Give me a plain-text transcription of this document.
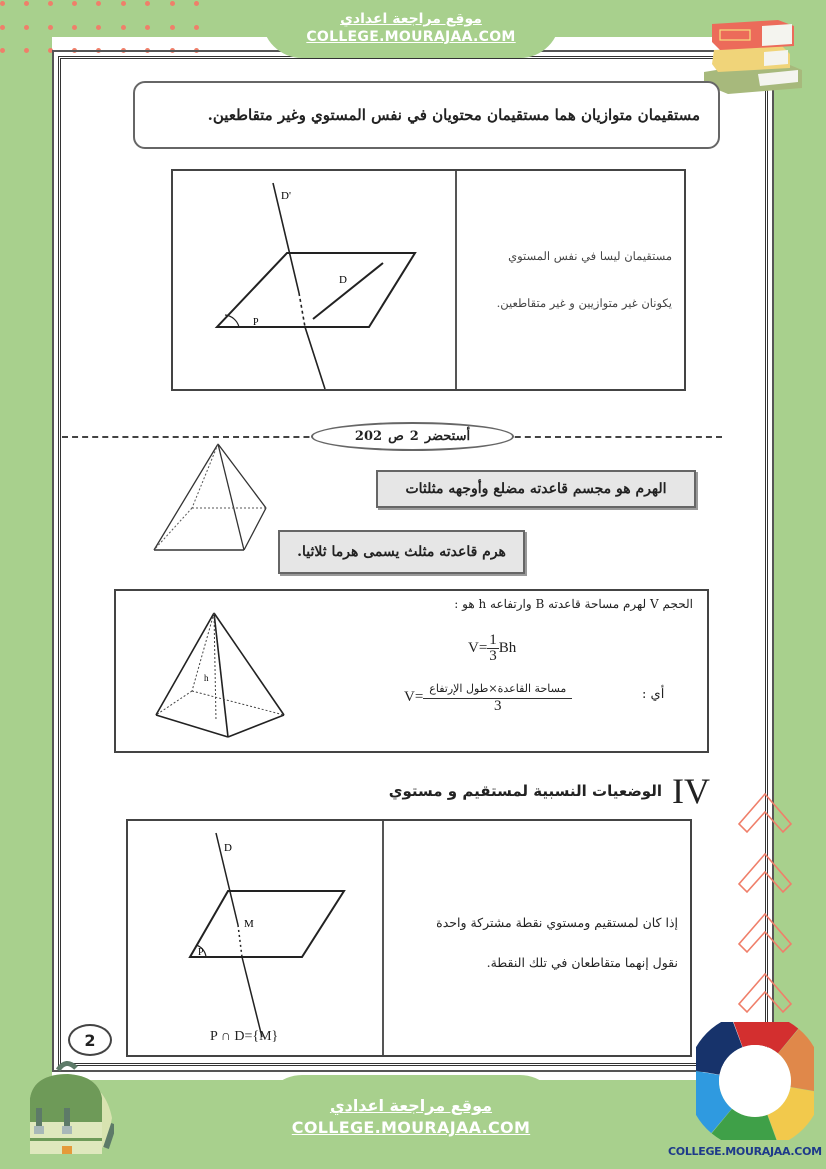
موقع مراجعة اعدادي
COLLEGE.MOURAJAA.COM
مستقيمان متوازيان هما مستقيمان محتويان في نفس المستوي وغير متقاطعين.
D'
D
P
مستقيمان ليسا في نفس المستوي
يكونان غير متوازيين و غير متقاطعين.
أستحضر
2
ص
202
الهرم هو مجسم قاعدته مضلع وأوجهه مثلثات
هرم قاعدته مثلث يسمى هرما ثلاثيا.
h
الحجم V لهرم مساحة قاعدته B وارتفاعه h هو :
$V= \frac{1}{3}$ Bh
$V= \frac{\text{مساحة القاعدة×طول الإرتفاع}}{3}$	أي :
الوضعيات النسبية لمستقيم و مستوي IV
D
M
P
P ∩ D={M}
إذا كان لمستقيم ومستوي نقطة مشتركة واحدة
نقول إنهما متقاطعان في تلك النقطة.
2
COLLEGE.MOURAJAA.COM
موقع مراجعة اعدادي
COLLEGE.MOURAJAA.COM
